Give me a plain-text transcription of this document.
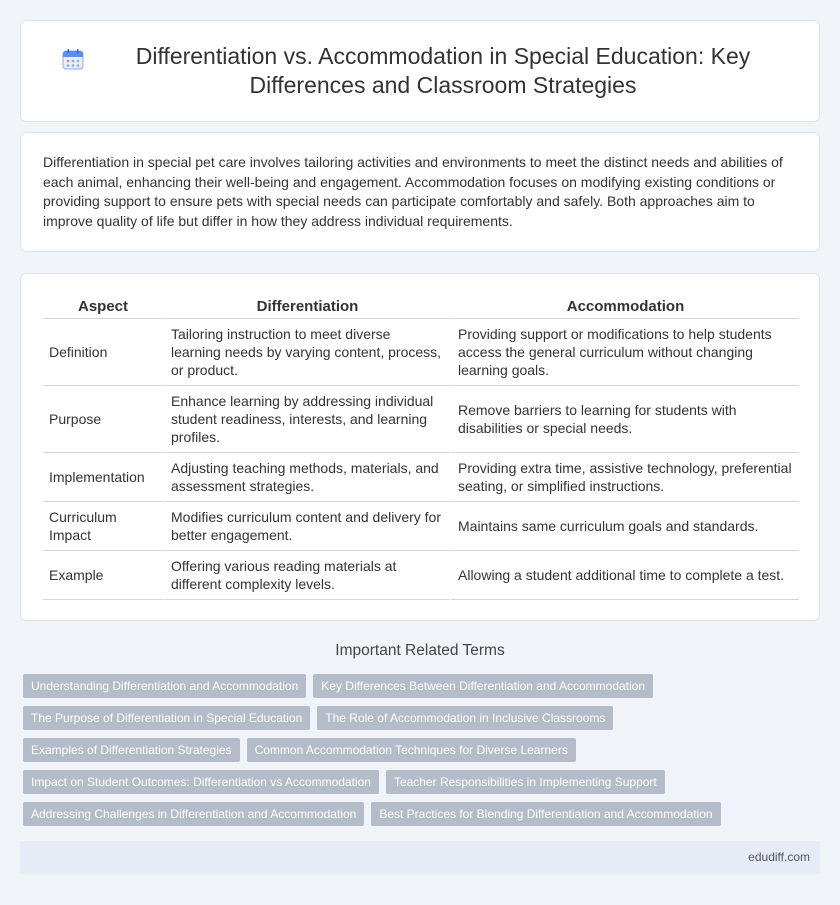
Differentiation vs. Accommodation in Special Education: Key Differences and Classroom Strategies

Differentiation in special pet care involves tailoring activities and environments to meet the distinct needs and abilities of each animal, enhancing their well-being and engagement. Accommodation focuses on modifying existing conditions or providing support to ensure pets with special needs can participate comfortably and safely. Both approaches aim to improve quality of life but differ in how they address individual requirements.

Aspect	Differentiation	Accommodation
Definition	Tailoring instruction to meet diverse learning needs by varying content, process, or product.	Providing support or modifications to help students access the general curriculum without changing learning goals.
Purpose	Enhance learning by addressing individual student readiness, interests, and learning profiles.	Remove barriers to learning for students with disabilities or special needs.
Implementation	Adjusting teaching methods, materials, and assessment strategies.	Providing extra time, assistive technology, preferential seating, or simplified instructions.
Curriculum Impact	Modifies curriculum content and delivery for better engagement.	Maintains same curriculum goals and standards.
Example	Offering various reading materials at different complexity levels.	Allowing a student additional time to complete a test.
Important Related Terms
Understanding Differentiation and Accommodation	Key Differences Between Differentiation and Accommodation
The Purpose of Differentiation in Special Education	The Role of Accommodation in Inclusive Classrooms
Examples of Differentiation Strategies	Common Accommodation Techniques for Diverse Learners
Impact on Student Outcomes: Differentiation vs Accommodation	Teacher Responsibilities in Implementing Support
Addressing Challenges in Differentiation and Accommodation	Best Practices for Blending Differentiation and Accommodation
edudiff.com
